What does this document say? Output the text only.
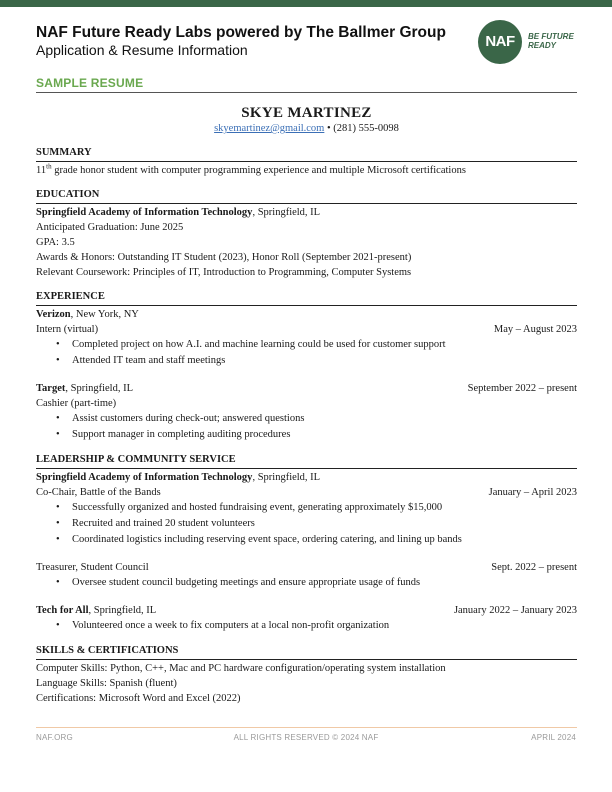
NAF Future Ready Labs powered by The Ballmer Group
Application & Resume Information	NAF	BE FUTURE
READY
SAMPLE RESUME
SKYE MARTINEZ
skyemartinez@gmail.com • (281) 555-0098
SUMMARY
11th grade honor student with computer programming experience and multiple Microsoft certifications
EDUCATION
Springfield Academy of Information Technology, Springfield, IL
Anticipated Graduation: June 2025
GPA: 3.5
Awards & Honors: Outstanding IT Student (2023), Honor Roll (September 2021-present)
Relevant Coursework: Principles of IT, Introduction to Programming, Computer Systems
EXPERIENCE
Verizon, New York, NY
Intern (virtual)	May – August 2023
• Completed project on how A.I. and machine learning could be used for customer support
• Attended IT team and staff meetings
Target, Springfield, IL	September 2022 – present
Cashier (part-time)
• Assist customers during check-out; answered questions
• Support manager in completing auditing procedures
LEADERSHIP & COMMUNITY SERVICE
Springfield Academy of Information Technology, Springfield, IL
Co-Chair, Battle of the Bands	January – April 2023
• Successfully organized and hosted fundraising event, generating approximately $15,000
• Recruited and trained 20 student volunteers
• Coordinated logistics including reserving event space, ordering catering, and lining up bands
Treasurer, Student Council	Sept. 2022 – present
• Oversee student council budgeting meetings and ensure appropriate usage of funds
Tech for All, Springfield, IL	January 2022 – January 2023
• Volunteered once a week to fix computers at a local non-profit organization
SKILLS & CERTIFICATIONS
Computer Skills: Python, C++, Mac and PC hardware configuration/operating system installation
Language Skills: Spanish (fluent)
Certifications: Microsoft Word and Excel (2022)
NAF.ORG	ALL RIGHTS RESERVED © 2024 NAF	APRIL 2024
